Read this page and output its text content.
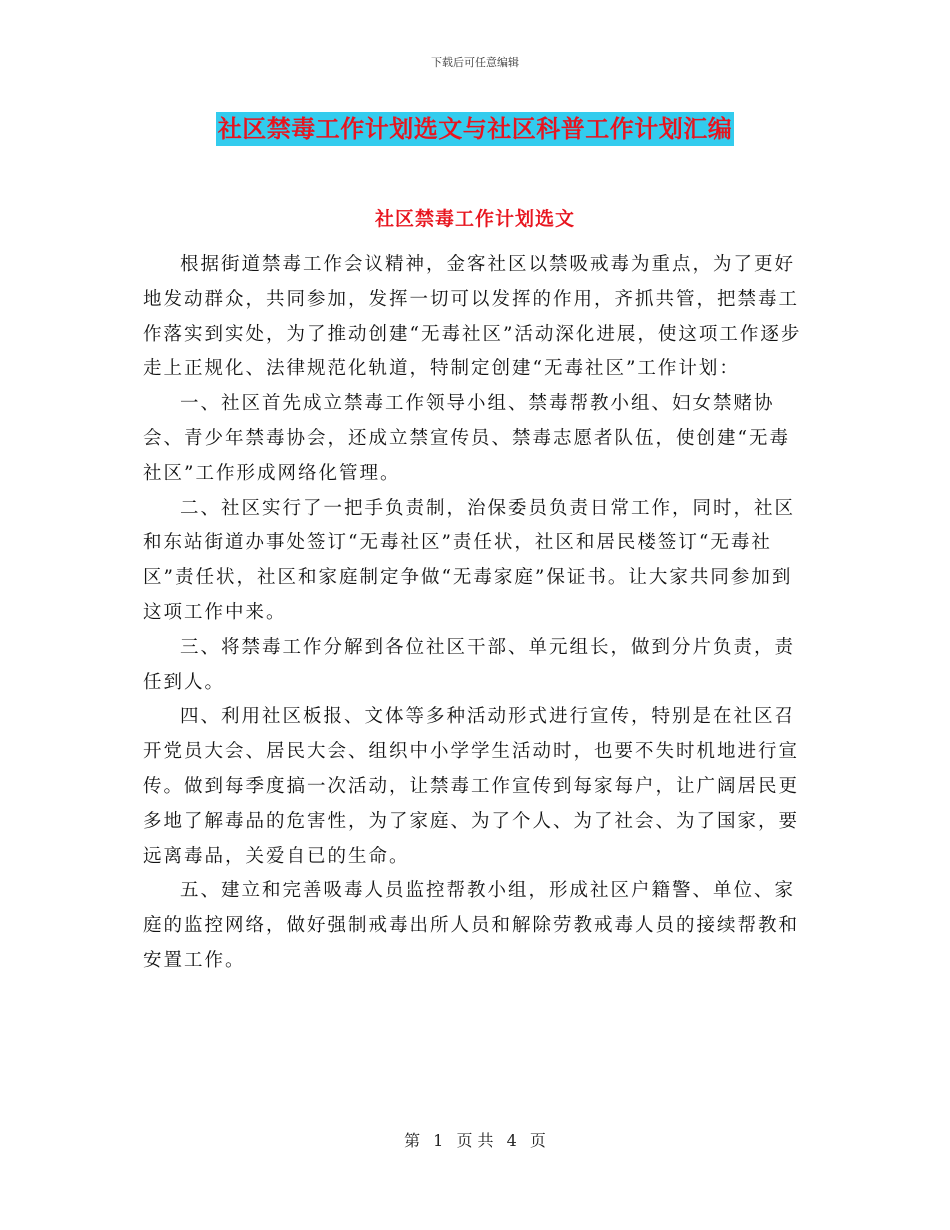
下载后可任意编辑
社区禁毒工作计划选文与社区科普工作计划汇编
社区禁毒工作计划选文

根据街道禁毒工作会议精神，金客社区以禁吸戒毒为重点，为了更好地发动群众，共同参加，发挥一切可以发挥的作用，齐抓共管，把禁毒工作落实到实处，为了推动创建“无毒社区”活动深化进展，使这项工作逐步走上正规化、法律规范化轨道，特制定创建“无毒社区”工作计划：

一、社区首先成立禁毒工作领导小组、禁毒帮教小组、妇女禁赌协会、青少年禁毒协会，还成立禁宣传员、禁毒志愿者队伍，使创建“无毒社区”工作形成网络化管理。

二、社区实行了一把手负责制，治保委员负责日常工作，同时，社区和东站街道办事处签订“无毒社区”责任状，社区和居民楼签订“无毒社区”责任状，社区和家庭制定争做“无毒家庭”保证书。让大家共同参加到这项工作中来。

三、将禁毒工作分解到各位社区干部、单元组长，做到分片负责，责任到人。

四、利用社区板报、文体等多种活动形式进行宣传，特别是在社区召开党员大会、居民大会、组织中小学学生活动时，也要不失时机地进行宣传。做到每季度搞一次活动，让禁毒工作宣传到每家每户，让广阔居民更多地了解毒品的危害性，为了家庭、为了个人、为了社会、为了国家，要远离毒品，关爱自已的生命。

五、建立和完善吸毒人员监控帮教小组，形成社区户籍警、单位、家庭的监控网络，做好强制戒毒出所人员和解除劳教戒毒人员的接续帮教和安置工作。

第 1 页 共 4 页
